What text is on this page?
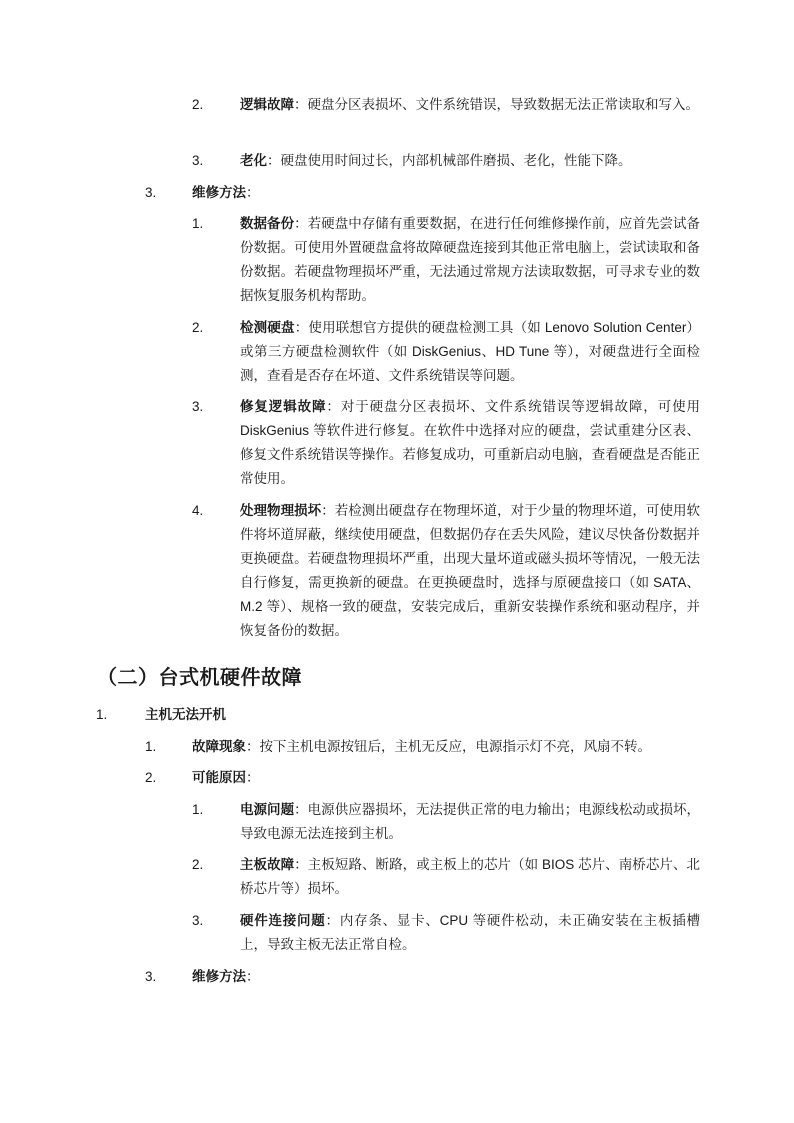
2.	逻辑故障：硬盘分区表损坏、文件系统错误，导致数据无法正常读取和写入。
3.	老化：硬盘使用时间过长，内部机械部件磨损、老化，性能下降。
3.	维修方法：
1.	数据备份：若硬盘中存储有重要数据，在进行任何维修操作前，应首先尝试备份数据。可使用外置硬盘盒将故障硬盘连接到其他正常电脑上，尝试读取和备份数据。若硬盘物理损坏严重，无法通过常规方法读取数据，可寻求专业的数据恢复服务机构帮助。
2.	检测硬盘：使用联想官方提供的硬盘检测工具（如 Lenovo Solution Center）或第三方硬盘检测软件（如 DiskGenius、HD Tune 等），对硬盘进行全面检测，查看是否存在坏道、文件系统错误等问题。
3.	修复逻辑故障：对于硬盘分区表损坏、文件系统错误等逻辑故障，可使用 DiskGenius 等软件进行修复。在软件中选择对应的硬盘，尝试重建分区表、修复文件系统错误等操作。若修复成功，可重新启动电脑，查看硬盘是否能正常使用。
4.	处理物理损坏：若检测出硬盘存在物理坏道，对于少量的物理坏道，可使用软件将坏道屏蔽，继续使用硬盘，但数据仍存在丢失风险，建议尽快备份数据并更换硬盘。若硬盘物理损坏严重，出现大量坏道或磁头损坏等情况，一般无法自行修复，需更换新的硬盘。在更换硬盘时，选择与原硬盘接口（如 SATA、M.2 等）、规格一致的硬盘，安装完成后，重新安装操作系统和驱动程序，并恢复备份的数据。
（二）台式机硬件故障
1.	主机无法开机
1.	故障现象：按下主机电源按钮后，主机无反应，电源指示灯不亮，风扇不转。
2.	可能原因：
1.	电源问题：电源供应器损坏，无法提供正常的电力输出；电源线松动或损坏，导致电源无法连接到主机。
2.	主板故障：主板短路、断路，或主板上的芯片（如 BIOS 芯片、南桥芯片、北桥芯片等）损坏。
3.	硬件连接问题：内存条、显卡、CPU 等硬件松动，未正确安装在主板插槽上，导致主板无法正常自检。
3.	维修方法：
